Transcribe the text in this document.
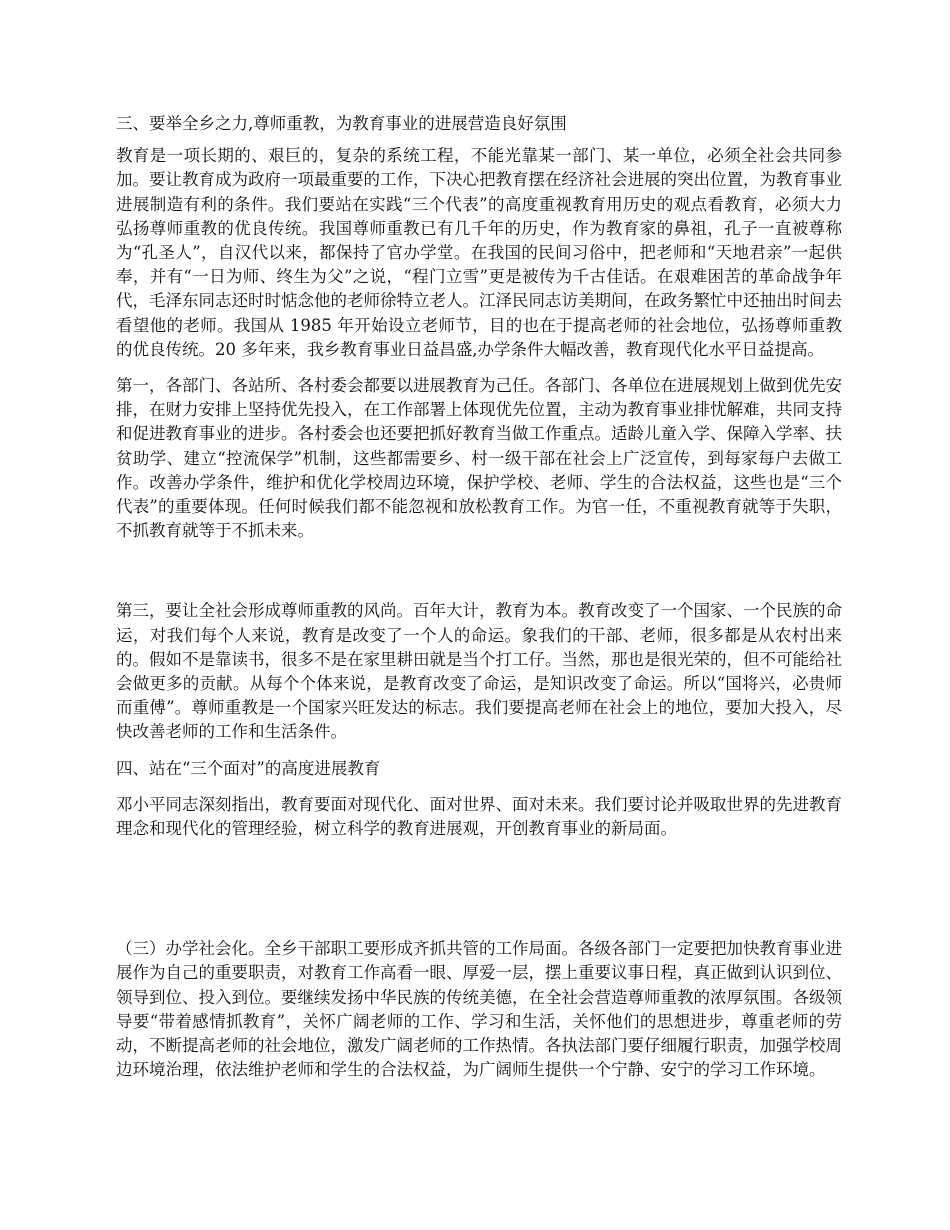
三、要举全乡之力,尊师重教，为教育事业的进展营造良好氛围

教育是一项长期的、艰巨的，复杂的系统工程，不能光靠某一部门、某一单位，必须全社会共同参加。要让教育成为政府一项最重要的工作，下决心把教育摆在经济社会进展的突出位置，为教育事业进展制造有利的条件。我们要站在实践“三个代表”的高度重视教育用历史的观点看教育，必须大力弘扬尊师重教的优良传统。我国尊师重教已有几千年的历史，作为教育家的鼻祖，孔子一直被尊称为“孔圣人”，自汉代以来，都保持了官办学堂。在我国的民间习俗中，把老师和“天地君亲”一起供奉，并有“一日为师、终生为父”之说，“程门立雪”更是被传为千古佳话。在艰难困苦的革命战争年代，毛泽东同志还时时惦念他的老师徐特立老人。江泽民同志访美期间，在政务繁忙中还抽出时间去看望他的老师。我国从 1985 年开始设立老师节，目的也在于提高老师的社会地位，弘扬尊师重教的优良传统。20 多年来，我乡教育事业日益昌盛,办学条件大幅改善，教育现代化水平日益提高。

第一，各部门、各站所、各村委会都要以进展教育为己任。各部门、各单位在进展规划上做到优先安排，在财力安排上坚持优先投入，在工作部署上体现优先位置，主动为教育事业排忧解难，共同支持和促进教育事业的进步。各村委会也还要把抓好教育当做工作重点。适龄儿童入学、保障入学率、扶贫助学、建立“控流保学”机制，这些都需要乡、村一级干部在社会上广泛宣传，到每家每户去做工作。改善办学条件，维护和优化学校周边环境，保护学校、老师、学生的合法权益，这些也是“三个代表”的重要体现。任何时候我们都不能忽视和放松教育工作。为官一任，不重视教育就等于失职，不抓教育就等于不抓未来。

第三，要让全社会形成尊师重教的风尚。百年大计，教育为本。教育改变了一个国家、一个民族的命运，对我们每个人来说，教育是改变了一个人的命运。象我们的干部、老师，很多都是从农村出来的。假如不是靠读书，很多不是在家里耕田就是当个打工仔。当然，那也是很光荣的，但不可能给社会做更多的贡献。从每个个体来说，是教育改变了命运，是知识改变了命运。所以“国将兴，必贵师而重傅”。尊师重教是一个国家兴旺发达的标志。我们要提高老师在社会上的地位，要加大投入，尽快改善老师的工作和生活条件。

四、站在“三个面对”的高度进展教育

邓小平同志深刻指出，教育要面对现代化、面对世界、面对未来。我们要讨论并吸取世界的先进教育理念和现代化的管理经验，树立科学的教育进展观，开创教育事业的新局面。

（三）办学社会化。全乡干部职工要形成齐抓共管的工作局面。各级各部门一定要把加快教育事业进展作为自己的重要职责，对教育工作高看一眼、厚爱一层，摆上重要议事日程，真正做到认识到位、领导到位、投入到位。要继续发扬中华民族的传统美德，在全社会营造尊师重教的浓厚氛围。各级领导要“带着感情抓教育”，关怀广阔老师的工作、学习和生活，关怀他们的思想进步，尊重老师的劳动，不断提高老师的社会地位，激发广阔老师的工作热情。各执法部门要仔细履行职责，加强学校周边环境治理，依法维护老师和学生的合法权益，为广阔师生提供一个宁静、安宁的学习工作环境。
